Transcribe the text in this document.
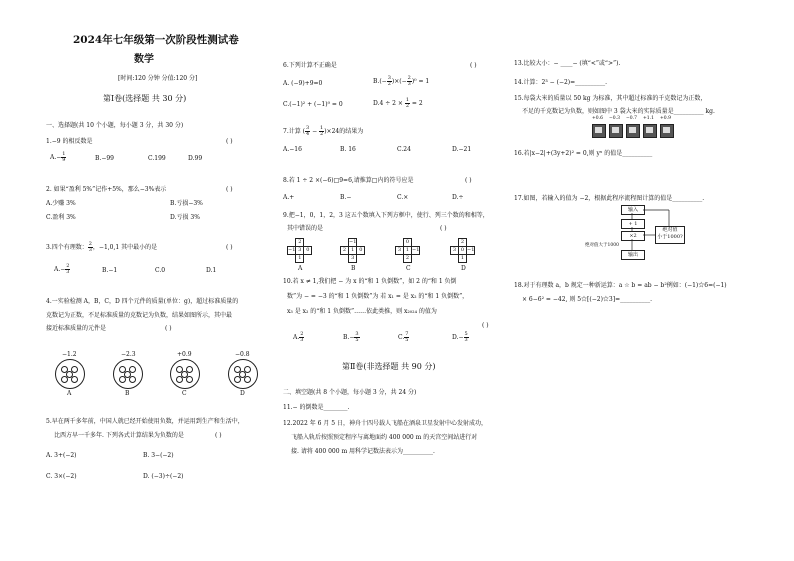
2024年七年级第一次阶段性测试卷
数学
[时间:120 分钟 分值:120 分]
第Ⅰ卷(选择题 共 30 分)
一、选择题(共 10 个小题，每小题 3 分，共 30 分)
1.−9 的相反数是	( )
$A.- \frac{1}{9}$	B.−99	C.199	D.99
2. 如果“盈利 5%”记作+5%，那么−3%表示	( )
A.少赚 3%	B.亏损−3%
C.盈利 3%	D.亏损 3%
3.四个有理数： $\frac{2}{3}$ ，−1,0,1 其中最小的是	( )
$A.- \frac{2}{3}$	B.−1	C.0	D.1
4.一实验检测 A，B，C，D 四个元件的质量(单位：g)，超过标准质量的
克数记为正数，不足标准质量的克数记为负数，结果如图所示，其中最
接近标准质量的元件是	( )
−1.2
A
−2.3
B
+0.9
C
−0.8
D
5.早在两千多年前，中国人就已经开始使用负数，并运用到生产和生活中，
比西方早一千多年. 下列各式计算结果为负数的是	( )
A. 3+(−2)	B. 3−(−2)
C. 3×(−2)	D. (−3)÷(−2)
6.下列计算不正确是	( )
A. (−9)+9=0	$B.(- \frac{3}{2}$ )×(− $\frac{2}{3} )^0 = 1$
C.(−1)² + (−1)⁰ = 0	$D.4 \div 2 \times \frac{1}{2} = 2$
7.计算 ( $\frac{3}{4} - \frac{1}{2} )\times 24$的结果为
A.−16	B. 16	C.24	D.−21
8.若 1 ÷ 2 ×(−6)□9=6,请推算□内的符号应是	( )
A.+	B.−	C.×	D.÷
9.把−1，0，1，2，3 这五个数填入下列方框中，使行、列三个数的和相等，
其中错误的是	( )
	2	
−1	3	0
	1	
A
	−1	
2	1	0
	3	
B
	0	
3	1	−1
	2	
C
	2	
3	0	−1
	1	
D
10.若 x ≠ 1,我们把 − 为 x 的“和 1 负倒数”，如 2 的“和 1 负倒
数”为 − = −3 的“和 1 负倒数”为 若 x₁ = 是 x₂ 的“和 1 负倒数”，
x₃ 是 x₂ 的“和 1 负倒数”……依此类推，则 x₂₀₂₄ 的值为
( )
A. $\frac{2}{3}$	$B.- \frac{3}{5}$	C. $\frac{7}{5}$	$D.- \frac{5}{3}$
第Ⅱ卷(非选择题 共 90 分)
二、填空题(共 8 个小题，每小题 3 分，共 24 分)
11.− 的倒数是________.
12.2022 年 6 月 5 日，神舟十四号载人飞船在酒泉卫星发射中心发射成功，
飞船入轨后按照预定程序与离地面约 400 000 m 的天宫空间站进行对
接. 请将 400 000 m 用科学记数法表示为__________.
13.比较大小：− ____− (填“<”或“>”).
14.计算：2³ − (−2)=__________.
15.每袋大米的质量以 50 kg 为标准，其中超过标准的千克数记为正数，
不足的千克数记为负数，则如图中 3 袋大米的实际质量是__________ kg.
+0.6 −0.3 −0.7 +1.1 +0.9
16.若|x−2|+(3y+2)² = 0,则 yˣ 的值是__________
17.如图，若输入的值为 −2，根据此程序流程图计算的值是__________.
输入
+ 1
×2
绝对值
小于1000?
绝对值大于1000
输出
18.对于有理数 a，b 规定一种新运算：a ☆ b = ab − b²例如：(−1)☆6=(−1)
× 6−6² = −42, 则 5☆[(−2)☆3]=__________.
